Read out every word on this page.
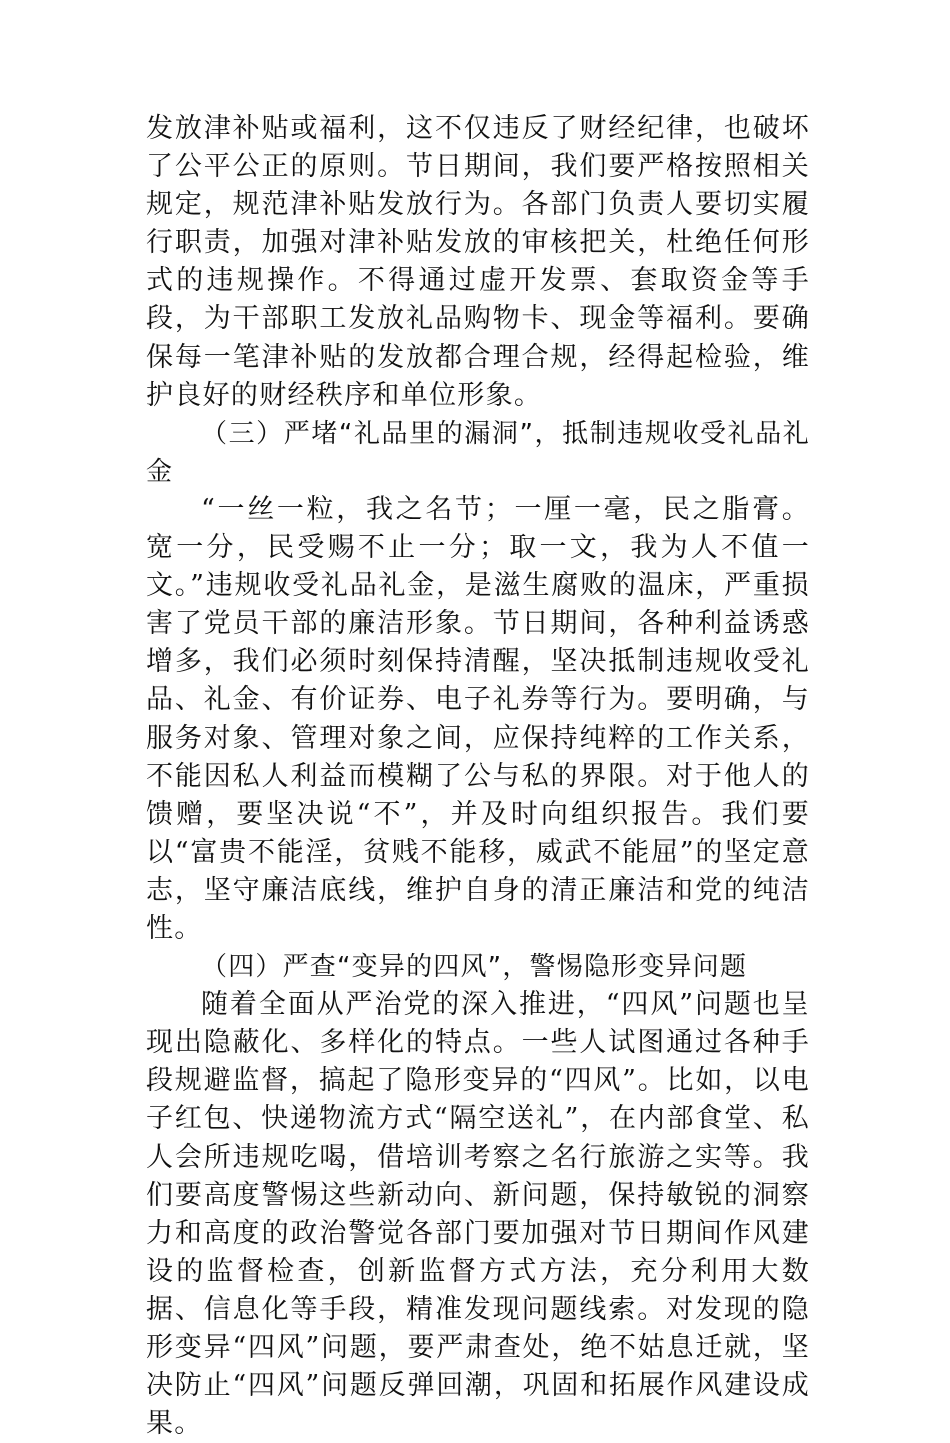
发放津补贴或福利，这不仅违反了财经纪律，也破坏了公平公正的原则。节日期间，我们要严格按照相关规定，规范津补贴发放行为。各部门负责人要切实履行职责，加强对津补贴发放的审核把关，杜绝任何形式的违规操作。不得通过虚开发票、套取资金等手段，为干部职工发放礼品购物卡、现金等福利。要确保每一笔津补贴的发放都合理合规，经得起检验，维护良好的财经秩序和单位形象。

（三）严堵“礼品里的漏洞”，抵制违规收受礼品礼金

“一丝一粒，我之名节；一厘一毫，民之脂膏。宽一分，民受赐不止一分；取一文，我为人不值一文。”违规收受礼品礼金，是滋生腐败的温床，严重损害了党员干部的廉洁形象。节日期间，各种利益诱惑增多，我们必须时刻保持清醒，坚决抵制违规收受礼品、礼金、有价证券、电子礼券等行为。要明确，与服务对象、管理对象之间，应保持纯粹的工作关系，不能因私人利益而模糊了公与私的界限。对于他人的馈赠，要坚决说“不”，并及时向组织报告。我们要以“富贵不能淫，贫贱不能移，威武不能屈”的坚定意志，坚守廉洁底线，维护自身的清正廉洁和党的纯洁性。

（四）严查“变异的四风”，警惕隐形变异问题

随着全面从严治党的深入推进，“四风”问题也呈现出隐蔽化、多样化的特点。一些人试图通过各种手段规避监督，搞起了隐形变异的“四风”。比如，以电子红包、快递物流方式“隔空送礼”，在内部食堂、私人会所违规吃喝，借培训考察之名行旅游之实等。我们要高度警惕这些新动向、新问题，保持敏锐的洞察力和高度的政治警觉各部门要加强对节日期间作风建设的监督检查，创新监督方式方法，充分利用大数据、信息化等手段，精准发现问题线索。对发现的隐形变异“四风”问题，要严肃查处，绝不姑息迁就，坚决防止“四风”问题反弹回潮，巩固和拓展作风建设成果。
